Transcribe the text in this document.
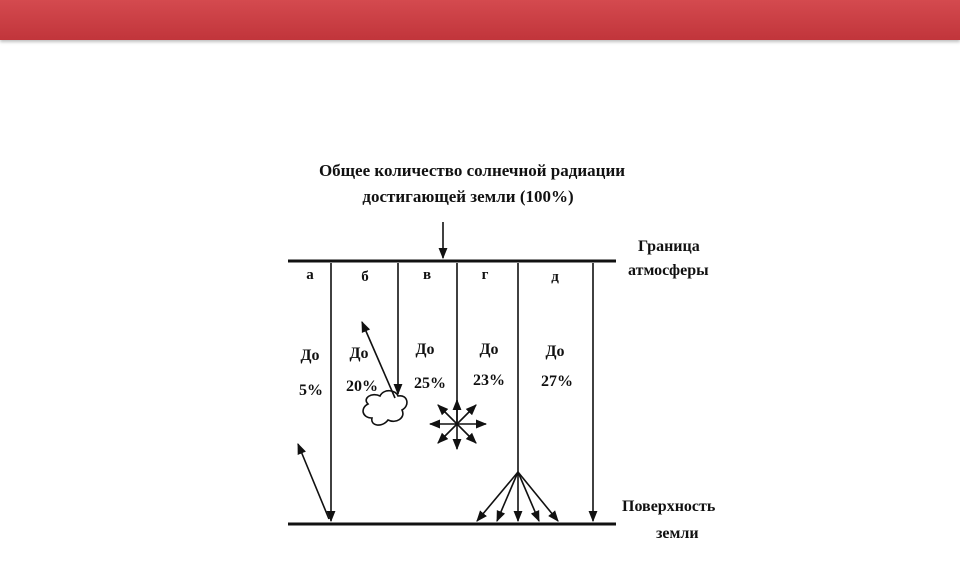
Общее количество солнечной радиации
достигающей земли (100%)
Граница
атмосферы
Поверхность
земли
а	б	в	г	д
До До	До	До	До
5% 20% 25% 23% 27%
